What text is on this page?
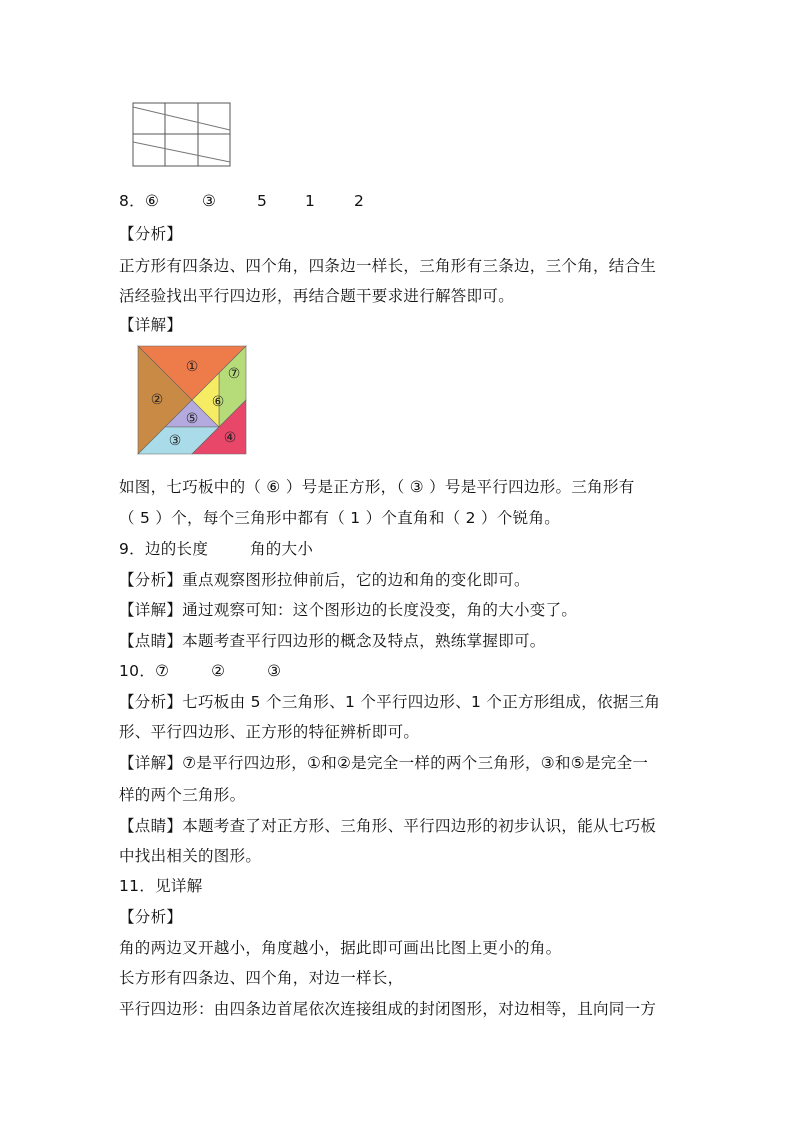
8．⑥	③	5 1	2
【分析】
正方形有四条边、四个角，四条边一样长，三角形有三条边，三个角，结合生
活经验找出平行四边形，再结合题干要求进行解答即可。
【详解】
①
②
⑦
⑥
⑤
③	④
如图，七巧板中的（ ⑥ ）号是正方形，（ ③ ）号是平行四边形。三角形有
（ 5 ）个，每个三角形中都有（ 1 ）个直角和（ 2 ）个锐角。
9．边的长度        角的大小
【分析】重点观察图形拉伸前后，它的边和角的变化即可。
【详解】通过观察可知：这个图形边的长度没变，角的大小变了。
【点睛】本题考查平行四边形的概念及特点，熟练掌握即可。
10．⑦        ②        ③
【分析】七巧板由 5 个三角形、1 个平行四边形、1 个正方形组成，依据三角
形、平行四边形、正方形的特征辨析即可。
【详解】⑦是平行四边形，①和②是完全一样的两个三角形，③和⑤是完全一
样的两个三角形。
【点睛】本题考查了对正方形、三角形、平行四边形的初步认识，能从七巧板
中找出相关的图形。
11．见详解
【分析】
角的两边叉开越小，角度越小，据此即可画出比图上更小的角。
长方形有四条边、四个角，对边一样长，
平行四边形：由四条边首尾依次连接组成的封闭图形，对边相等，且向同一方
